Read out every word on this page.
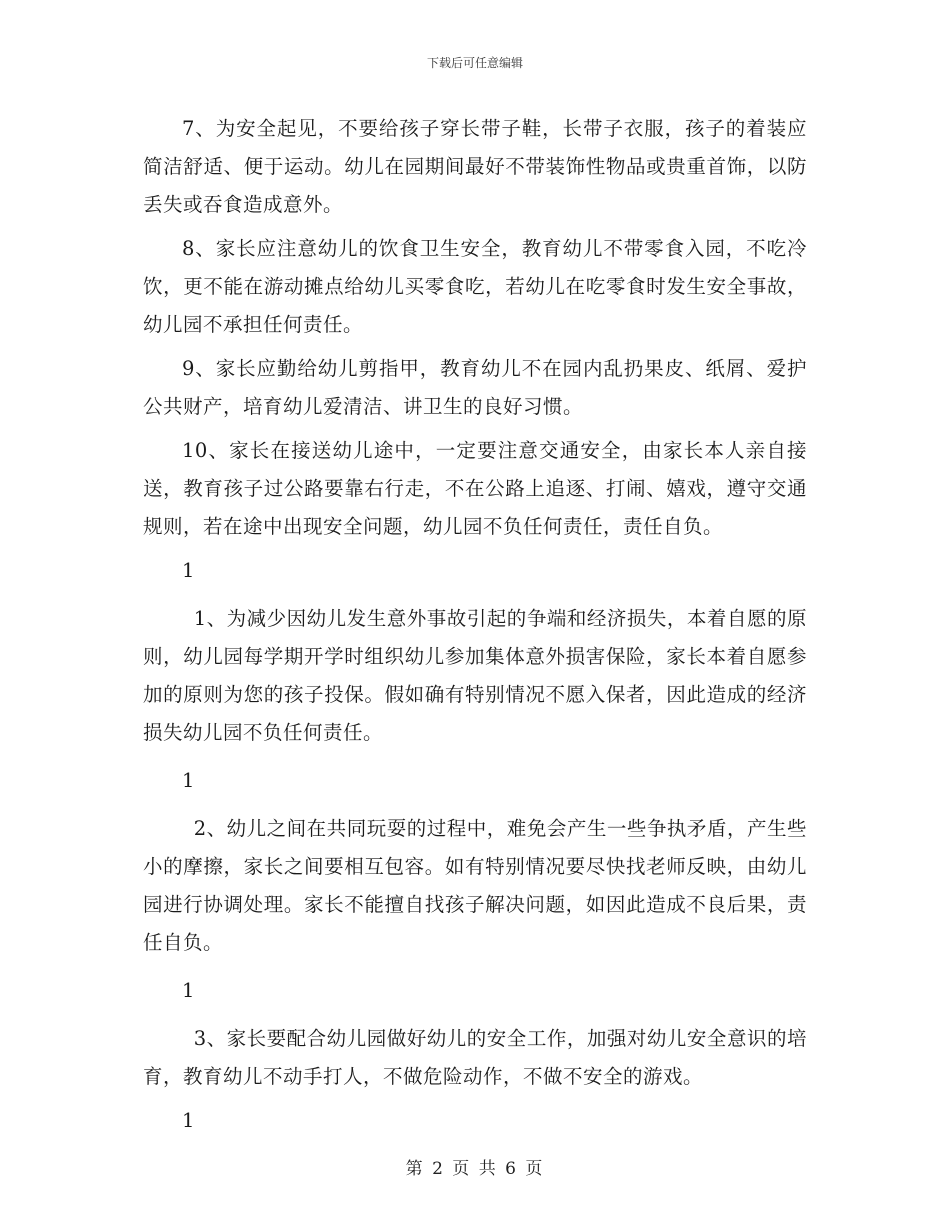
下载后可任意编辑

7、为安全起见，不要给孩子穿长带子鞋，长带子衣服，孩子的着装应简洁舒适、便于运动。幼儿在园期间最好不带装饰性物品或贵重首饰，以防丢失或吞食造成意外。

8、家长应注意幼儿的饮食卫生安全，教育幼儿不带零食入园，不吃冷饮，更不能在游动摊点给幼儿买零食吃，若幼儿在吃零食时发生安全事故，幼儿园不承担任何责任。

9、家长应勤给幼儿剪指甲，教育幼儿不在园内乱扔果皮、纸屑、爱护公共财产，培育幼儿爱清洁、讲卫生的良好习惯。

10、家长在接送幼儿途中，一定要注意交通安全，由家长本人亲自接送，教育孩子过公路要靠右行走，不在公路上追逐、打闹、嬉戏，遵守交通规则，若在途中出现安全问题，幼儿园不负任何责任，责任自负。

1

1、为减少因幼儿发生意外事故引起的争端和经济损失，本着自愿的原则，幼儿园每学期开学时组织幼儿参加集体意外损害保险，家长本着自愿参加的原则为您的孩子投保。假如确有特别情况不愿入保者，因此造成的经济损失幼儿园不负任何责任。

1

2、幼儿之间在共同玩耍的过程中，难免会产生一些争执矛盾，产生些小的摩擦，家长之间要相互包容。如有特别情况要尽快找老师反映，由幼儿园进行协调处理。家长不能擅自找孩子解决问题，如因此造成不良后果，责任自负。

1

3、家长要配合幼儿园做好幼儿的安全工作，加强对幼儿安全意识的培育，教育幼儿不动手打人，不做危险动作，不做不安全的游戏。

1

第 2 页 共 6 页
